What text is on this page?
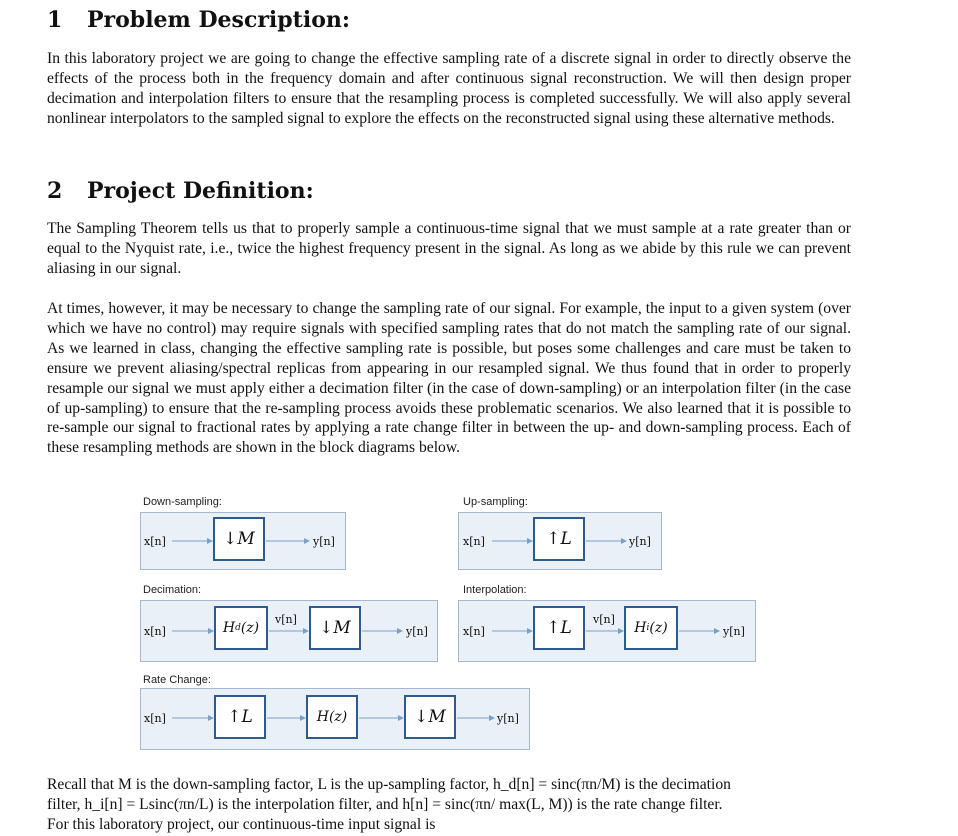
1 Problem Description:

In this laboratory project we are going to change the effective sampling rate of a discrete signal in order to directly observe the effects of the process both in the frequency domain and after continuous signal reconstruction. We will then design proper decimation and interpolation filters to ensure that the resampling process is completed successfully. We will also apply several nonlinear interpolators to the sampled signal to explore the effects on the reconstructed signal using these alternative methods.

2 Project Definition:

The Sampling Theorem tells us that to properly sample a continuous-time signal that we must sample at a rate greater than or equal to the Nyquist rate, i.e., twice the highest frequency present in the signal. As long as we abide by this rule we can prevent aliasing in our signal.

At times, however, it may be necessary to change the sampling rate of our signal. For example, the input to a given system (over which we have no control) may require signals with specified sampling rates that do not match the sampling rate of our signal. As we learned in class, changing the effective sampling rate is possible, but poses some challenges and care must be taken to ensure we prevent aliasing/spectral replicas from appearing in our resampled signal. We thus found that in order to properly resample our signal we must apply either a decimation filter (in the case of down-sampling) or an interpolation filter (in the case of up-sampling) to ensure that the re-sampling process avoids these problematic scenarios. We also learned that it is possible to re-sample our signal to fractional rates by applying a rate change filter in between the up- and down-sampling process. Each of these resampling methods are shown in the block diagrams below.

Down-sampling:
x[n]	↓M	y[n]
Up-sampling:
x[n]	↑L	y[n]
Decimation:
x[n]	H d (z)
v[n]	↓M	y[n]
Interpolation:
x[n]	↑L	v[n]
H i (z)	y[n]
Rate Change:
x[n]	↑L	H(z)	↓M	y[n]
Recall that M is the down-sampling factor, L is the up-sampling factor, h_d[n] = sinc(πn/M) is the decimation
filter, h_i[n] = Lsinc(πn/L) is the interpolation filter, and h[n] = sinc(πn/ max(L, M)) is the rate change filter.
For this laboratory project, our continuous-time input signal is
